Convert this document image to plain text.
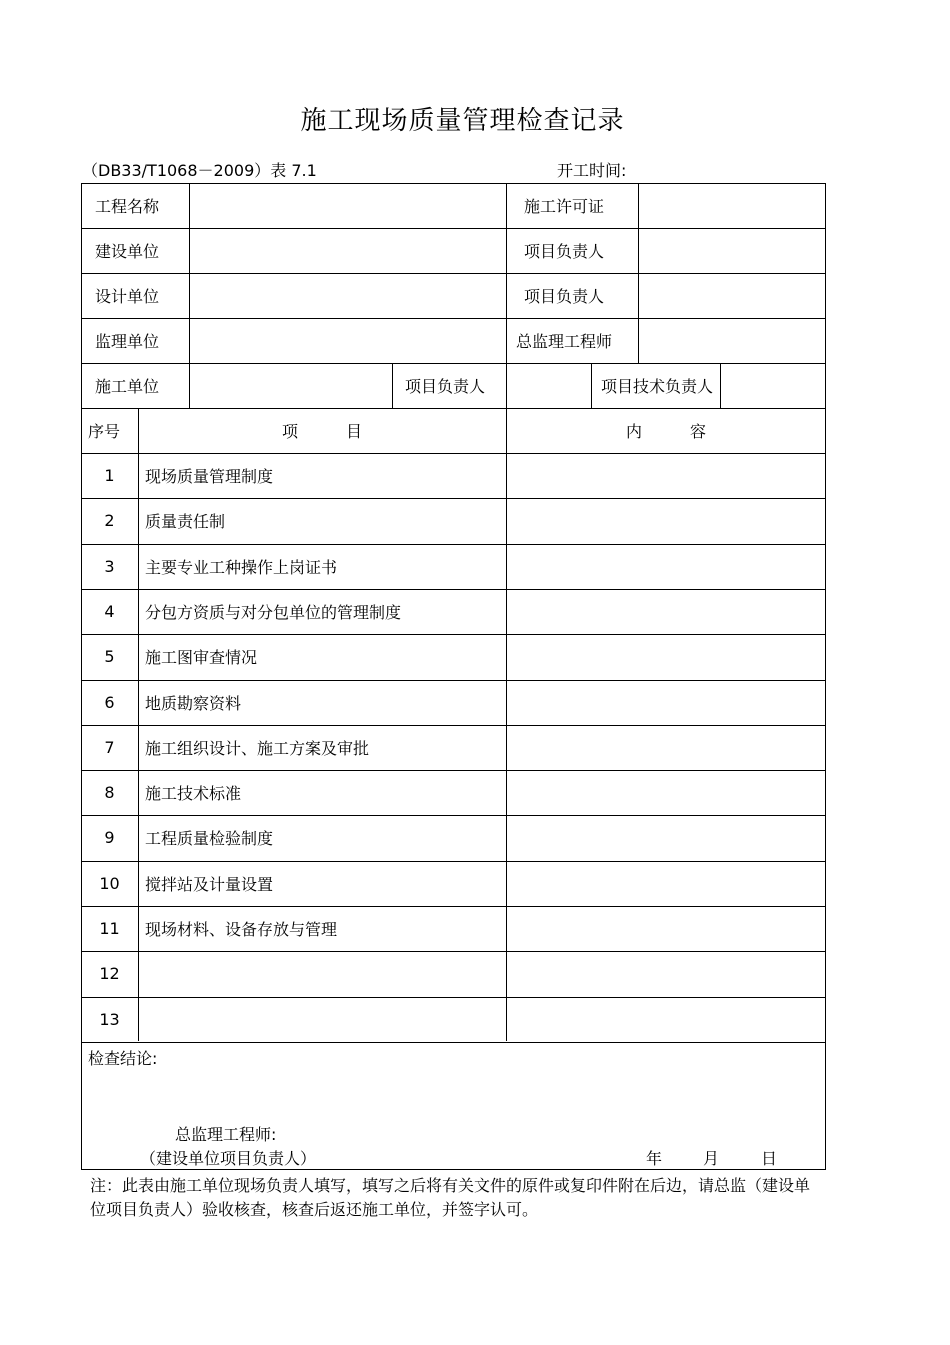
施工现场质量管理检查记录
（DB33/T1068－2009）表 7.1	开工时间:
工程名称	施工许可证
建设单位	项目负责人
设计单位	项目负责人
监理单位	总监理工程师
施工单位	项目负责人	项目技术负责人
序号	项　　　目	内　　　容
1	现场质量管理制度
2	质量责任制
3	主要专业工种操作上岗证书
4	分包方资质与对分包单位的管理制度
5	施工图审查情况
6	地质勘察资料
7	施工组织设计、施工方案及审批
8	施工技术标准
9	工程质量检验制度
10	搅拌站及计量设置
11	现场材料、设备存放与管理
12
13
检查结论:
总监理工程师:
（建设单位项目负责人）	年	月	日
注：此表由施工单位现场负责人填写，填写之后将有关文件的原件或复印件附在后边，请总监（建设单位项目负责人）验收核查，核查后返还施工单位，并签字认可。
